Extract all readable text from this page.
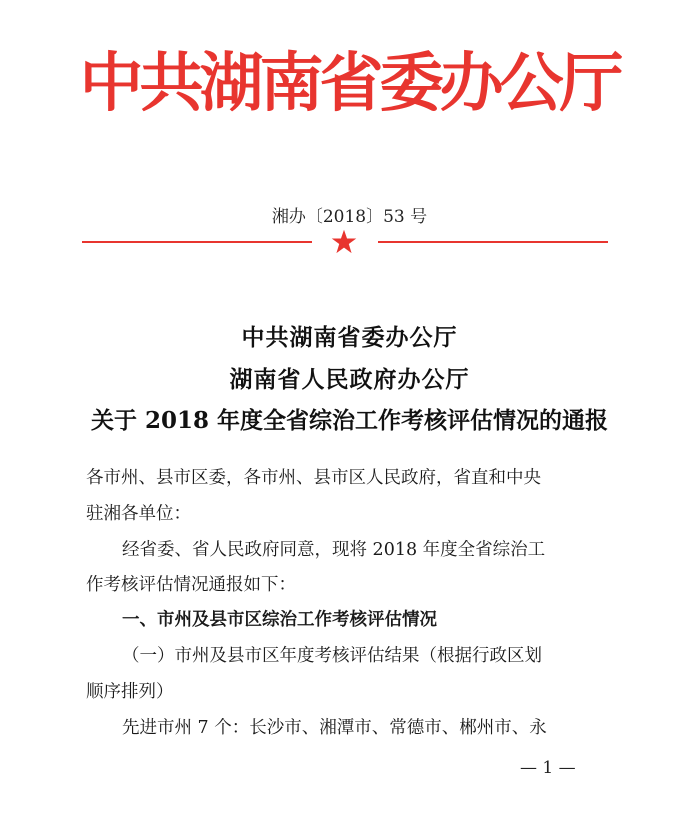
中共湖南省委办公厅
湘办〔2018〕53 号
中共湖南省委办公厅
湖南省人民政府办公厅
关于 2018 年度全省综治工作考核评估情况的通报
各市州、县市区委，各市州、县市区人民政府，省直和中央
驻湘各单位：
经省委、省人民政府同意，现将 2018 年度全省综治工
作考核评估情况通报如下：
一、市州及县市区综治工作考核评估情况
（一）市州及县市区年度考核评估结果（根据行政区划
顺序排列）
先进市州 7 个：长沙市、湘潭市、常德市、郴州市、永
— 1 —
